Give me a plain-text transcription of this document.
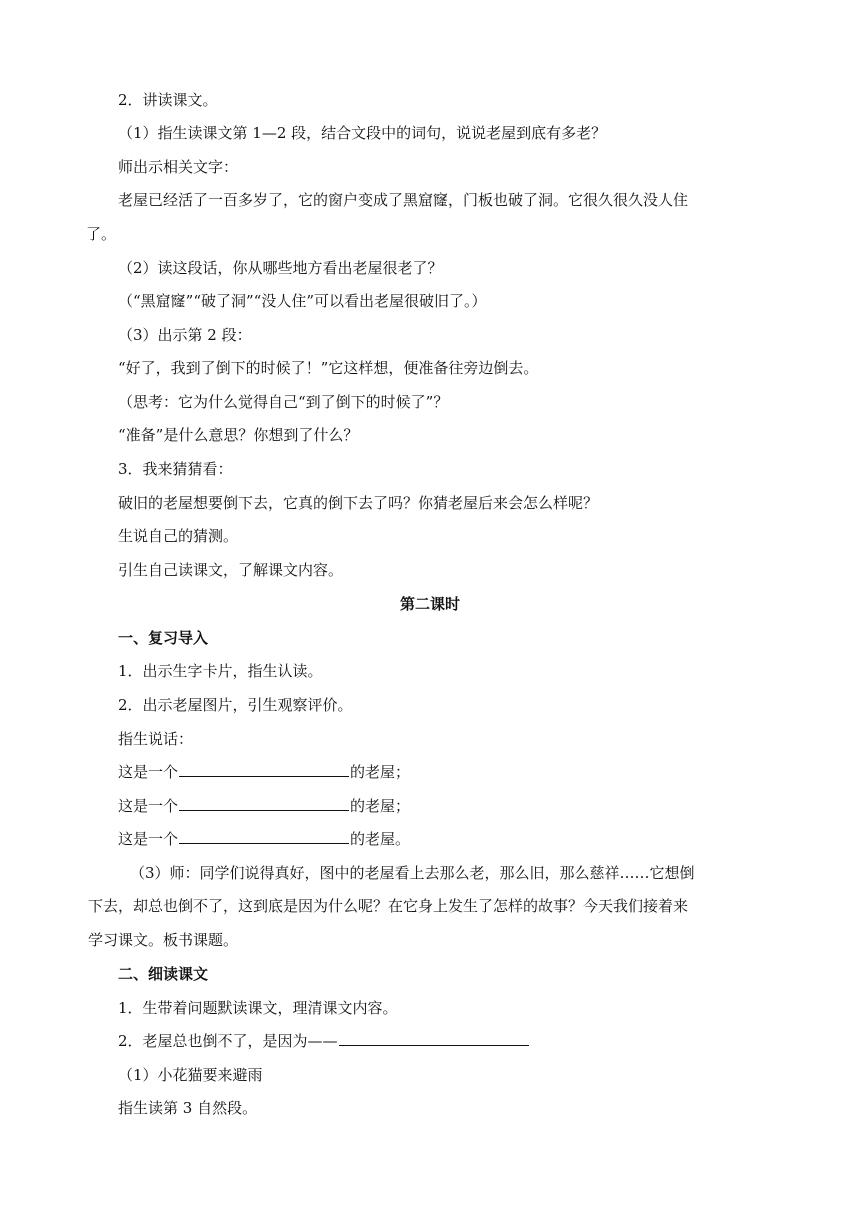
2．讲读课文。
（1）指生读课文第 1—2 段，结合文段中的词句，说说老屋到底有多老？
师出示相关文字：
老屋已经活了一百多岁了，它的窗户变成了黑窟窿，门板也破了洞。它很久很久没人住
了。
（2）读这段话，你从哪些地方看出老屋很老了？
（“黑窟窿”“破了洞”“没人住”可以看出老屋很破旧了。）
（3）出示第 2 段：
“好了，我到了倒下的时候了！”它这样想，便准备往旁边倒去。
（思考：它为什么觉得自己“到了倒下的时候了”？
“准备”是什么意思？你想到了什么？
3．我来猜猜看：
破旧的老屋想要倒下去，它真的倒下去了吗？你猜老屋后来会怎么样呢？
生说自己的猜测。
引生自己读课文，了解课文内容。
第二课时
一、复习导入
1．出示生字卡片，指生认读。
2．出示老屋图片，引生观察评价。
指生说话：
这是一个	的老屋；
这是一个	的老屋；
这是一个	的老屋。
（3）师：同学们说得真好，图中的老屋看上去那么老，那么旧，那么慈祥……它想倒
下去，却总也倒不了，这到底是因为什么呢？在它身上发生了怎样的故事？今天我们接着来
学习课文。板书课题。
二、细读课文
1．生带着问题默读课文，理清课文内容。
2．老屋总也倒不了，是因为——
（1）小花猫要来避雨
指生读第 3 自然段。
